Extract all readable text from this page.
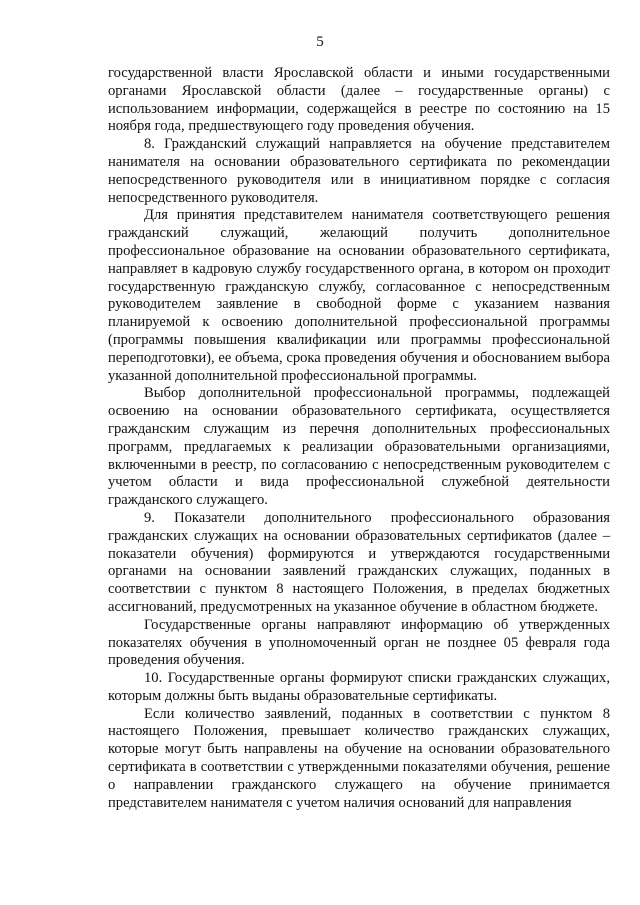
5

государственной власти Ярославской области и иными государственными органами Ярославской области (далее – государственные органы) с использованием информации, содержащейся в реестре по состоянию на 15 ноября года, предшествующего году проведения обучения.

8. Гражданский служащий направляется на обучение представителем нанимателя на основании образовательного сертификата по рекомендации непосредственного руководителя или в инициативном порядке с согласия непосредственного руководителя.

Для принятия представителем нанимателя соответствующего решения гражданский служащий, желающий получить дополнительное профессиональное образование на основании образовательного сертификата, направляет в кадровую службу государственного органа, в котором он проходит государственную гражданскую службу, согласованное с непосредственным руководителем заявление в свободной форме с указанием названия планируемой к освоению дополнительной профессиональной программы (программы повышения квалификации или программы профессиональной переподготовки), ее объема, срока проведения обучения и обоснованием выбора указанной дополнительной профессиональной программы.

Выбор дополнительной профессиональной программы, подлежащей освоению на основании образовательного сертификата, осуществляется гражданским служащим из перечня дополнительных профессиональных программ, предлагаемых к реализации образовательными организациями, включенными в реестр, по согласованию с непосредственным руководителем с учетом области и вида профессиональной служебной деятельности гражданского служащего.

9. Показатели дополнительного профессионального образования гражданских служащих на основании образовательных сертификатов (далее – показатели обучения) формируются и утверждаются государственными органами на основании заявлений гражданских служащих, поданных в соответствии с пунктом 8 настоящего Положения, в пределах бюджетных ассигнований, предусмотренных на указанное обучение в областном бюджете.

Государственные органы направляют информацию об утвержденных показателях обучения в уполномоченный орган не позднее 05 февраля года проведения обучения.

10. Государственные органы формируют списки гражданских служащих, которым должны быть выданы образовательные сертификаты.

Если количество заявлений, поданных в соответствии с пунктом 8 настоящего Положения, превышает количество гражданских служащих, которые могут быть направлены на обучение на основании образовательного сертификата в соответствии с утвержденными показателями обучения, решение о направлении гражданского служащего на обучение принимается представителем нанимателя с учетом наличия оснований для направления
